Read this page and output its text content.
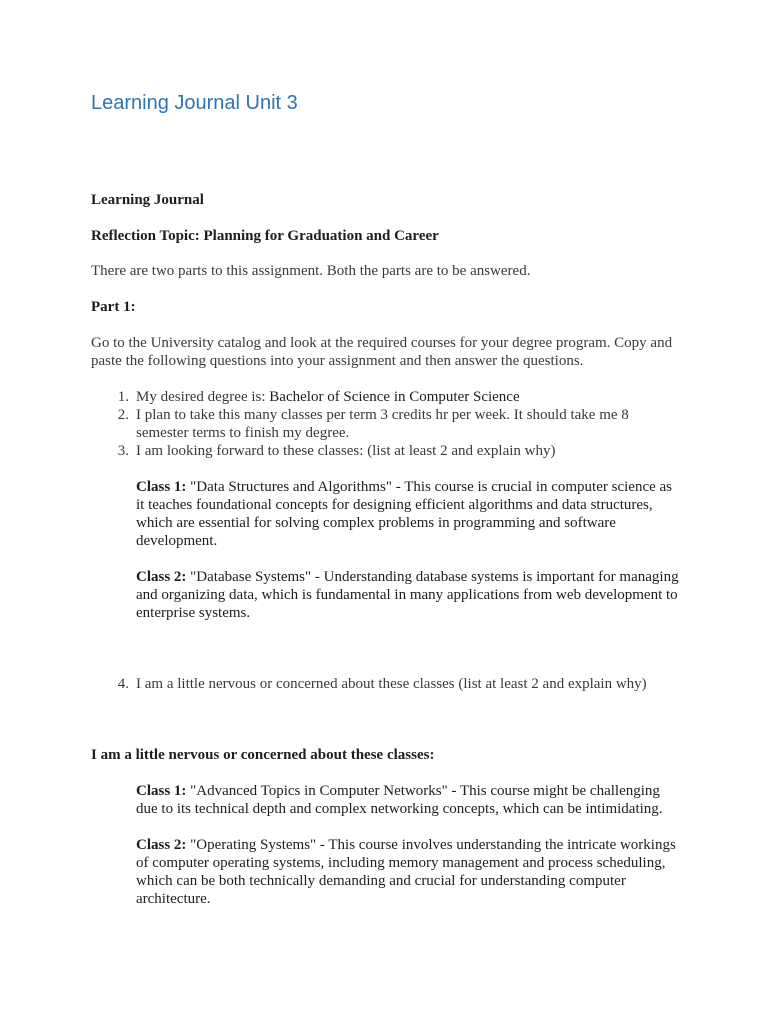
Learning Journal Unit 3
Learning Journal
Reflection Topic: Planning for Graduation and Career
There are two parts to this assignment. Both the parts are to be answered.
Part 1:
Go to the University catalog and look at the required courses for your degree program. Copy and paste the following questions into your assignment and then answer the questions.
1. My desired degree is: Bachelor of Science in Computer Science
2. I plan to take this many classes per term 3 credits hr per week. It should take me 8 semester terms to finish my degree.
3. I am looking forward to these classes: (list at least 2 and explain why)
Class 1: "Data Structures and Algorithms" - This course is crucial in computer science as it teaches foundational concepts for designing efficient algorithms and data structures, which are essential for solving complex problems in programming and software development.
Class 2: "Database Systems" - Understanding database systems is important for managing and organizing data, which is fundamental in many applications from web development to enterprise systems.
4. I am a little nervous or concerned about these classes (list at least 2 and explain why)
I am a little nervous or concerned about these classes:
Class 1: "Advanced Topics in Computer Networks" - This course might be challenging due to its technical depth and complex networking concepts, which can be intimidating.
Class 2: "Operating Systems" - This course involves understanding the intricate workings of computer operating systems, including memory management and process scheduling, which can be both technically demanding and crucial for understanding computer architecture.
